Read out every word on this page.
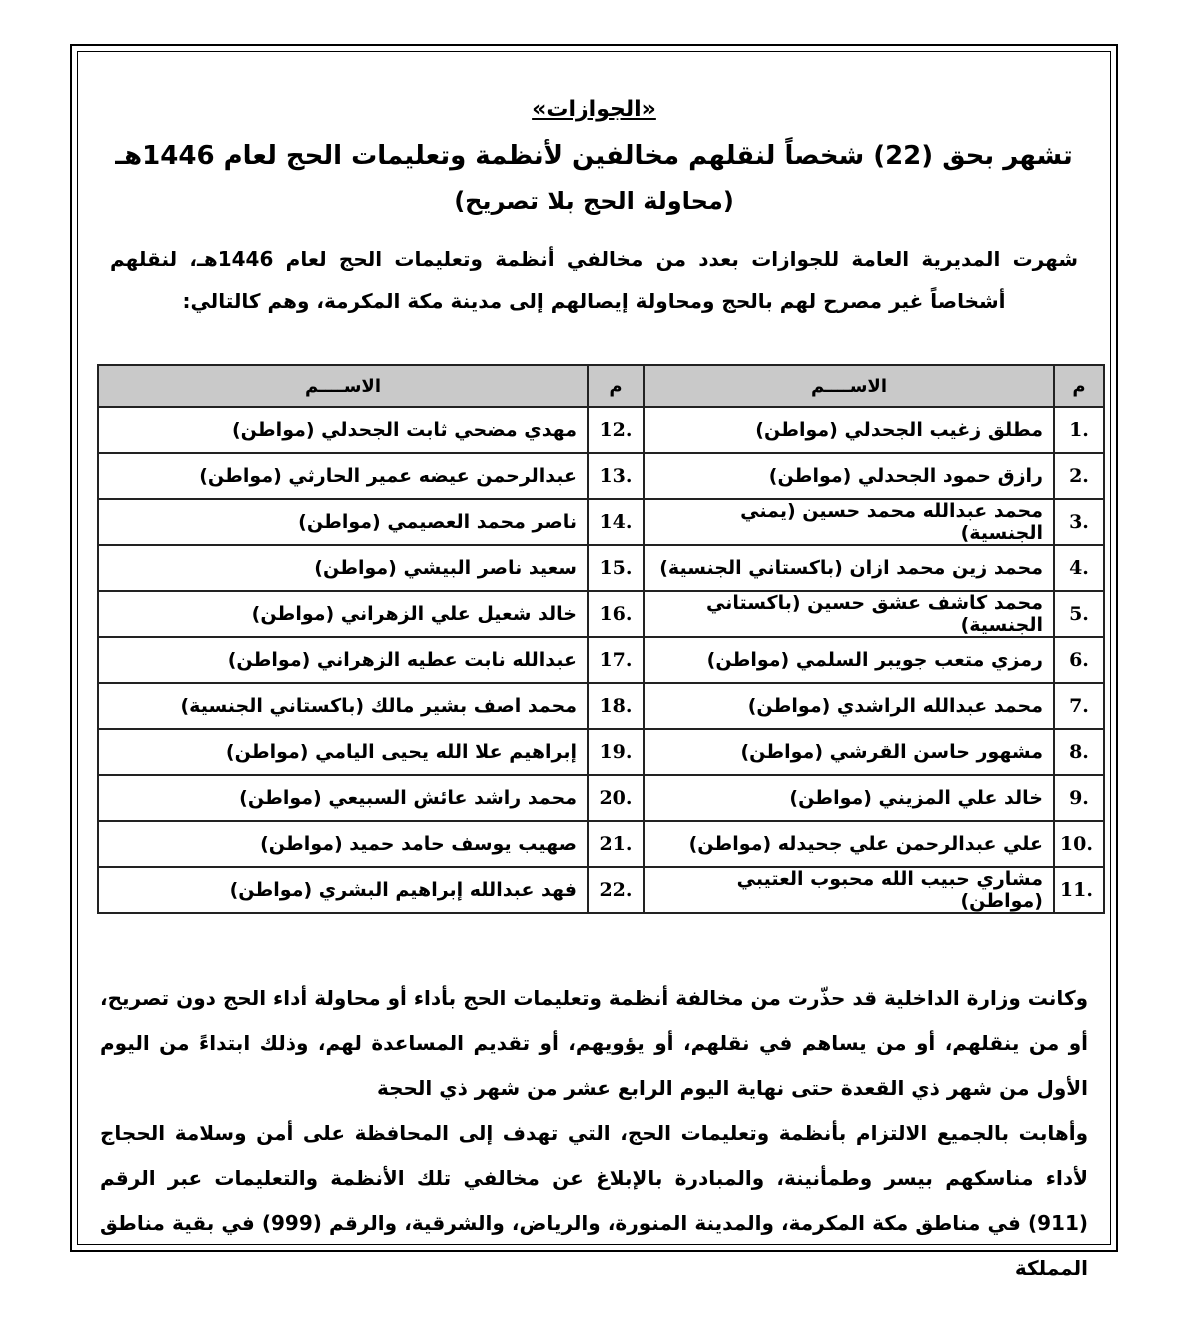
«الجوازات»
تشهر بحق (22) شخصاً لنقلهم مخالفين لأنظمة وتعليمات الحج لعام 1446هـ
(محاولة الحج بلا تصريح)
شهرت المديرية العامة للجوازات بعدد من مخالفي أنظمة وتعليمات الحج لعام 1446هـ، لنقلهم أشخاصاً غير مصرح لهم بالحج ومحاولة إيصالهم إلى مدينة مكة المكرمة، وهم كالتالي:
م	الاســــم	م	الاســــم
.1	مطلق زغيب الجحدلي (مواطن)	.12	مهدي مضحي ثابت الجحدلي (مواطن)
.2	رازق حمود الجحدلي (مواطن)	.13	عبدالرحمن عيضه عمير الحارثي (مواطن)
.3	محمد عبدالله محمد حسين (يمني الجنسية)	.14	ناصر محمد العصيمي (مواطن)
.4	محمد زين محمد ازان (باكستاني الجنسية)	.15	سعيد ناصر البيشي (مواطن)
.5	محمد كاشف عشق حسين (باكستاني الجنسية)	.16	خالد شعيل علي الزهراني (مواطن)
.6	رمزي متعب جويبر السلمي (مواطن)	.17	عبدالله نابت عطيه الزهراني (مواطن)
.7	محمد عبدالله الراشدي (مواطن)	.18	محمد اصف بشير مالك (باكستاني الجنسية)
.8	مشهور حاسن القرشي (مواطن)	.19	إبراهيم علا الله يحيى اليامي (مواطن)
.9	خالد علي المزيني (مواطن)	.20	محمد راشد عائش السبيعي (مواطن)
.10	علي عبدالرحمن علي جحيدله (مواطن)	.21	صهيب يوسف حامد حميد (مواطن)
.11	مشاري حبيب الله محبوب العتيبي (مواطن)	.22	فهد عبدالله إبراهيم البشري (مواطن)

وكانت وزارة الداخلية قد حذّرت من مخالفة أنظمة وتعليمات الحج بأداء أو محاولة أداء الحج دون تصريح، أو من ينقلهم، أو من يساهم في نقلهم، أو يؤويهم، أو تقديم المساعدة لهم، وذلك ابتداءً من اليوم الأول من شهر ذي القعدة حتى نهاية اليوم الرابع عشر من شهر ذي الحجة

وأهابت بالجميع الالتزام بأنظمة وتعليمات الحج، التي تهدف إلى المحافظة على أمن وسلامة الحجاج لأداء مناسكهم بيسر وطمأنينة، والمبادرة بالإبلاغ عن مخالفي تلك الأنظمة والتعليمات عبر الرقم (911) في مناطق مكة المكرمة، والمدينة المنورة، والرياض، والشرقية، والرقم (999) في بقية مناطق المملكة
